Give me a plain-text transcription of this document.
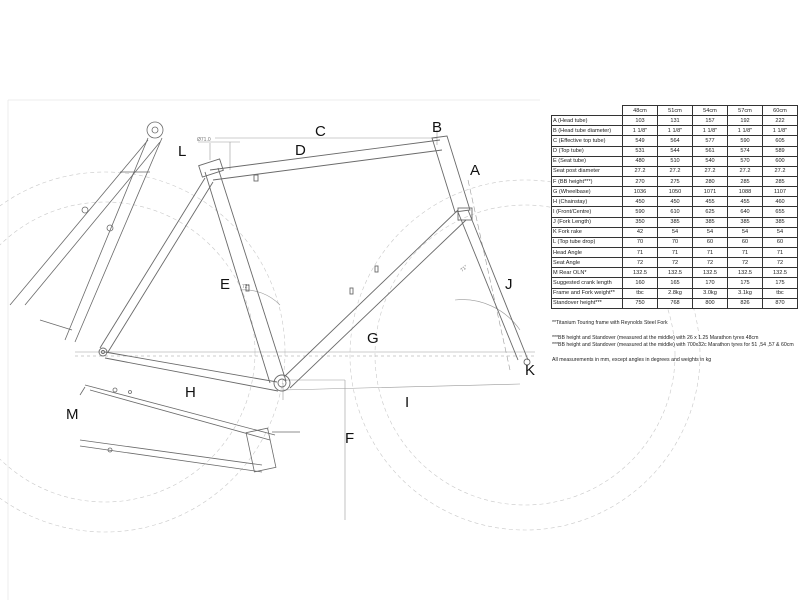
Ø71.0
71°
72°
A
B
C
D
E
F
G
H
I
J
K
L
M
	48cm	51cm	54cm	57cm	60cm
A (Head tube)	103	131	157	192	222
B (Head tube diameter)	1 1/8"	1 1/8"	1 1/8"	1 1/8"	1 1/8"
C (Effective top tube)	549	564	577	590	605
D (Top tube)	531	544	561	574	589
E (Seat tube)	480	510	540	570	600
Seat post diameter	27.2	27.2	27.2	27.2	27.2
F (BB height***)	270	275	280	285	285
G (Wheelbase)	1036	1050	1071	1088	1107
H (Chainstay)	450	450	455	455	460
I (Front/Centre)	590	610	625	640	655
J (Fork Length)	350	385	385	385	385
K Fork rake	42	54	54	54	54
L (Top tube drop)	70	70	60	60	60
Head Angle	71	71	71	71	71
Seat Angle	72	72	72	72	72
M Rear OLN*	132.5	132.5	132.5	132.5	132.5
Suggested crank length	160	165	170	175	175
Frame and Fork weight**	tbc	2.8kg	3.0kg	3.1kg	tbc
Standover height***	750	768	800	826	870
**Titanium Touring frame with Reynolds Steel Fork
***BB height and Standover (measured at the middle) with 26 x 1.25 Marathon tyres 48cm
***BB height and Standover (measured at the middle) with 700x32c Marathon tyres for 51 ,54 ,57 & 60cm
All measurements in mm, except angles in degrees and weights in kg
